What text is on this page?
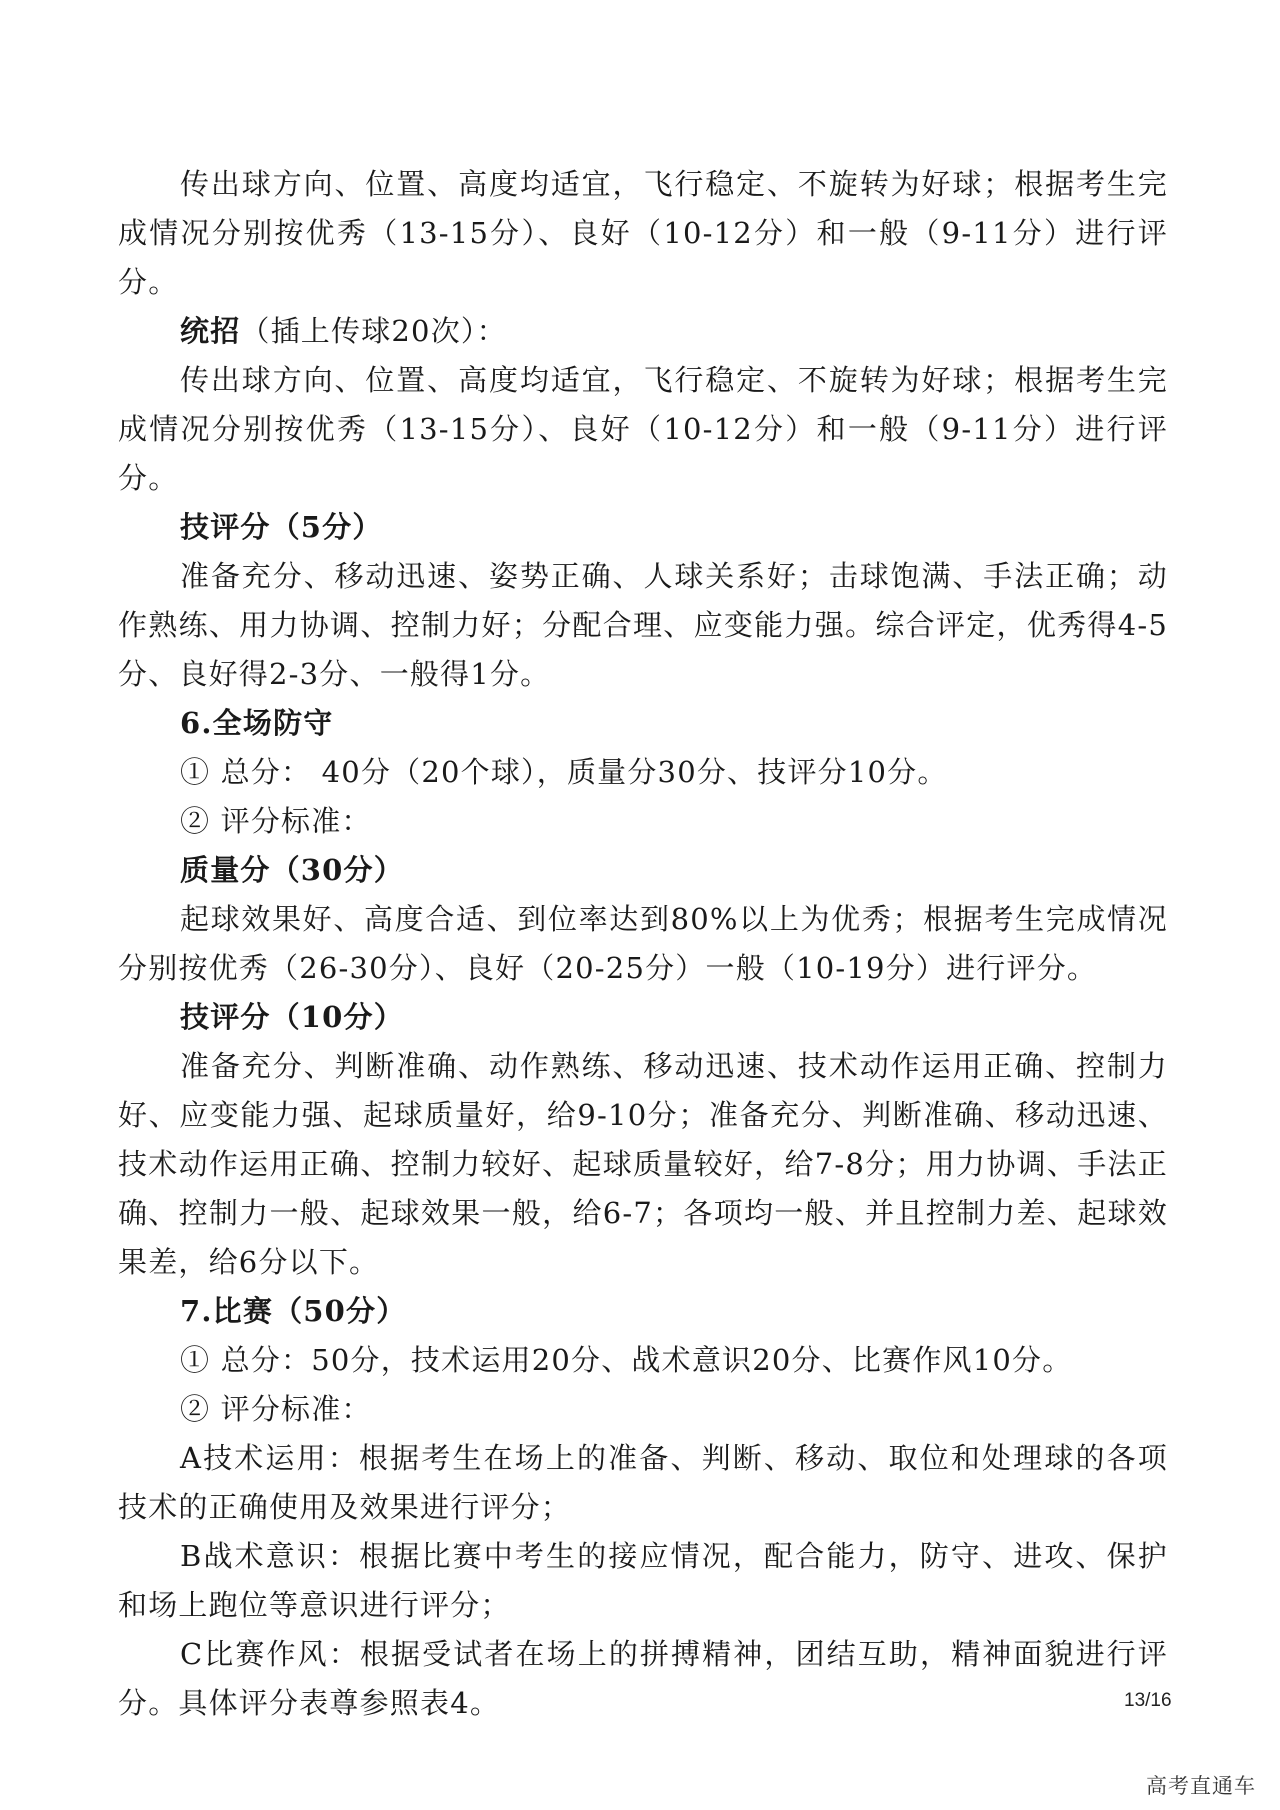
传出球方向、位置、高度均适宜，飞行稳定、不旋转为好球；根据考生完成情况分别按优秀（13-15分）、良好（10-12分）和一般（9-11分）进行评分。

统招（插上传球20次）：

传出球方向、位置、高度均适宜，飞行稳定、不旋转为好球；根据考生完成情况分别按优秀（13-15分）、良好（10-12分）和一般（9-11分）进行评分。

技评分（5分）

准备充分、移动迅速、姿势正确、人球关系好；击球饱满、手法正确；动作熟练、用力协调、控制力好；分配合理、应变能力强。综合评定，优秀得4-5分、良好得2-3分、一般得1分。

6.全场防守

① 总分： 40分（20个球），质量分30分、技评分10分。

② 评分标准：

质量分（30分）

起球效果好、高度合适、到位率达到80%以上为优秀；根据考生完成情况分别按优秀（26-30分）、良好（20-25分）一般（10-19分）进行评分。

技评分（10分）

准备充分、判断准确、动作熟练、移动迅速、技术动作运用正确、控制力好、应变能力强、起球质量好，给9-10分；准备充分、判断准确、移动迅速、技术动作运用正确、控制力较好、起球质量较好，给7-8分；用力协调、手法正确、控制力一般、起球效果一般，给6-7；各项均一般、并且控制力差、起球效果差，给6分以下。

7.比赛（50分）

① 总分：50分，技术运用20分、战术意识20分、比赛作风10分。

② 评分标准：

A技术运用：根据考生在场上的准备、判断、移动、取位和处理球的各项技术的正确使用及效果进行评分；

B战术意识：根据比赛中考生的接应情况，配合能力，防守、进攻、保护和场上跑位等意识进行评分；

C比赛作风：根据受试者在场上的拼搏精神，团结互助，精神面貌进行评分。具体评分表尊参照表4。	13/16
高考直通车
